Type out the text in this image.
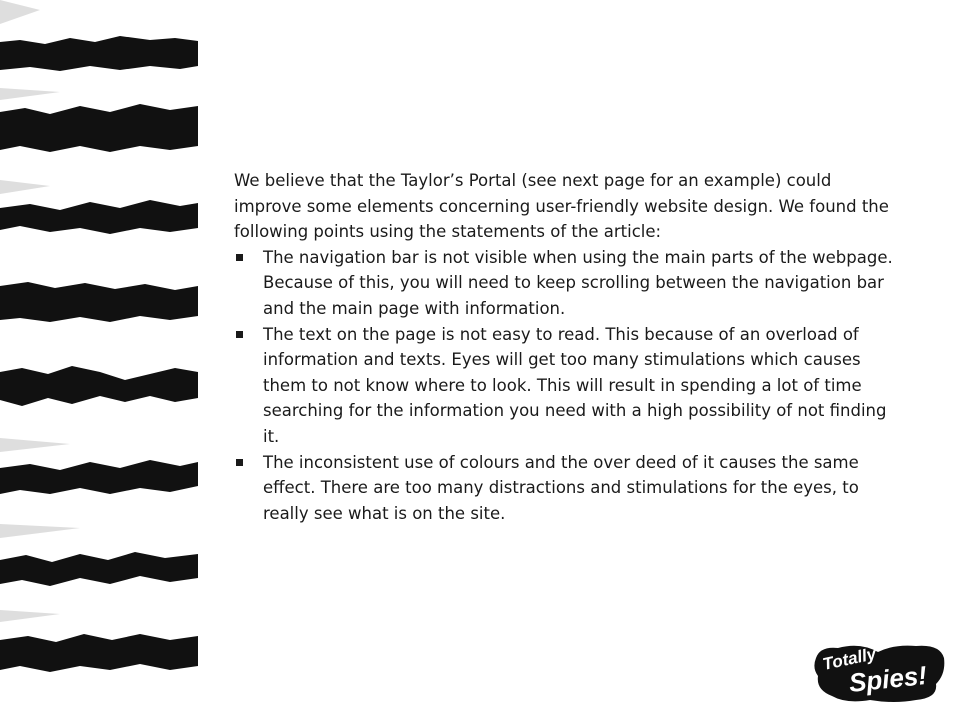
We believe that the Taylor’s Portal (see next page for an example) could improve some elements concerning user-friendly website design. We found the following points using the statements of the article:

The navigation bar is not visible when using the main parts of the webpage. Because of this, you will need to keep scrolling between the navigation bar and the main page with information.
The text on the page is not easy to read. This because of an overload of information and texts. Eyes will get too many stimulations which causes them to not know where to look. This will result in spending a lot of time searching for the information you need with a high possibility of not finding it.
The inconsistent use of colours and the over deed of it causes the same effect. There are too many distractions and stimulations for the eyes, to really see what is on the site.
Totally
Spies!
